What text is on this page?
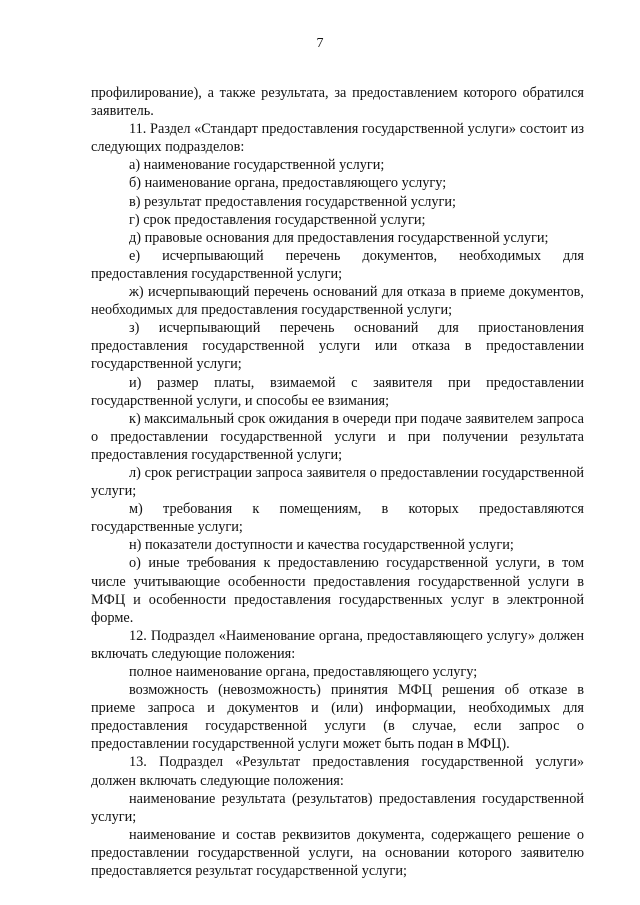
7

профилирование), а также результата, за предоставлением которого обратился заявитель.

11. Раздел «Стандарт предоставления государственной услуги» состоит из следующих подразделов:

а) наименование государственной услуги;

б) наименование органа, предоставляющего услугу;

в) результат предоставления государственной услуги;

г) срок предоставления государственной услуги;

д) правовые основания для предоставления государственной услуги;

е) исчерпывающий перечень документов, необходимых для предоставления государственной услуги;

ж) исчерпывающий перечень оснований для отказа в приеме документов, необходимых для предоставления государственной услуги;

з) исчерпывающий перечень оснований для приостановления предоставления государственной услуги или отказа в предоставлении государственной услуги;

и) размер платы, взимаемой с заявителя при предоставлении государственной услуги, и способы ее взимания;

к) максимальный срок ожидания в очереди при подаче заявителем запроса о предоставлении государственной услуги и при получении результата предоставления государственной услуги;

л) срок регистрации запроса заявителя о предоставлении государственной услуги;

м) требования к помещениям, в которых предоставляются государственные услуги;

н) показатели доступности и качества государственной услуги;

о) иные требования к предоставлению государственной услуги, в том числе учитывающие особенности предоставления государственной услуги в МФЦ и особенности предоставления государственных услуг в электронной форме.

12. Подраздел «Наименование органа, предоставляющего услугу» должен включать следующие положения:

полное наименование органа, предоставляющего услугу;

возможность (невозможность) принятия МФЦ решения об отказе в приеме запроса и документов и (или) информации, необходимых для предоставления государственной услуги (в случае, если запрос о предоставлении государственной услуги может быть подан в МФЦ).

13. Подраздел «Результат предоставления государственной услуги» должен включать следующие положения:

наименование результата (результатов) предоставления государственной услуги;

наименование и состав реквизитов документа, содержащего решение о предоставлении государственной услуги, на основании которого заявителю предоставляется результат государственной услуги;
